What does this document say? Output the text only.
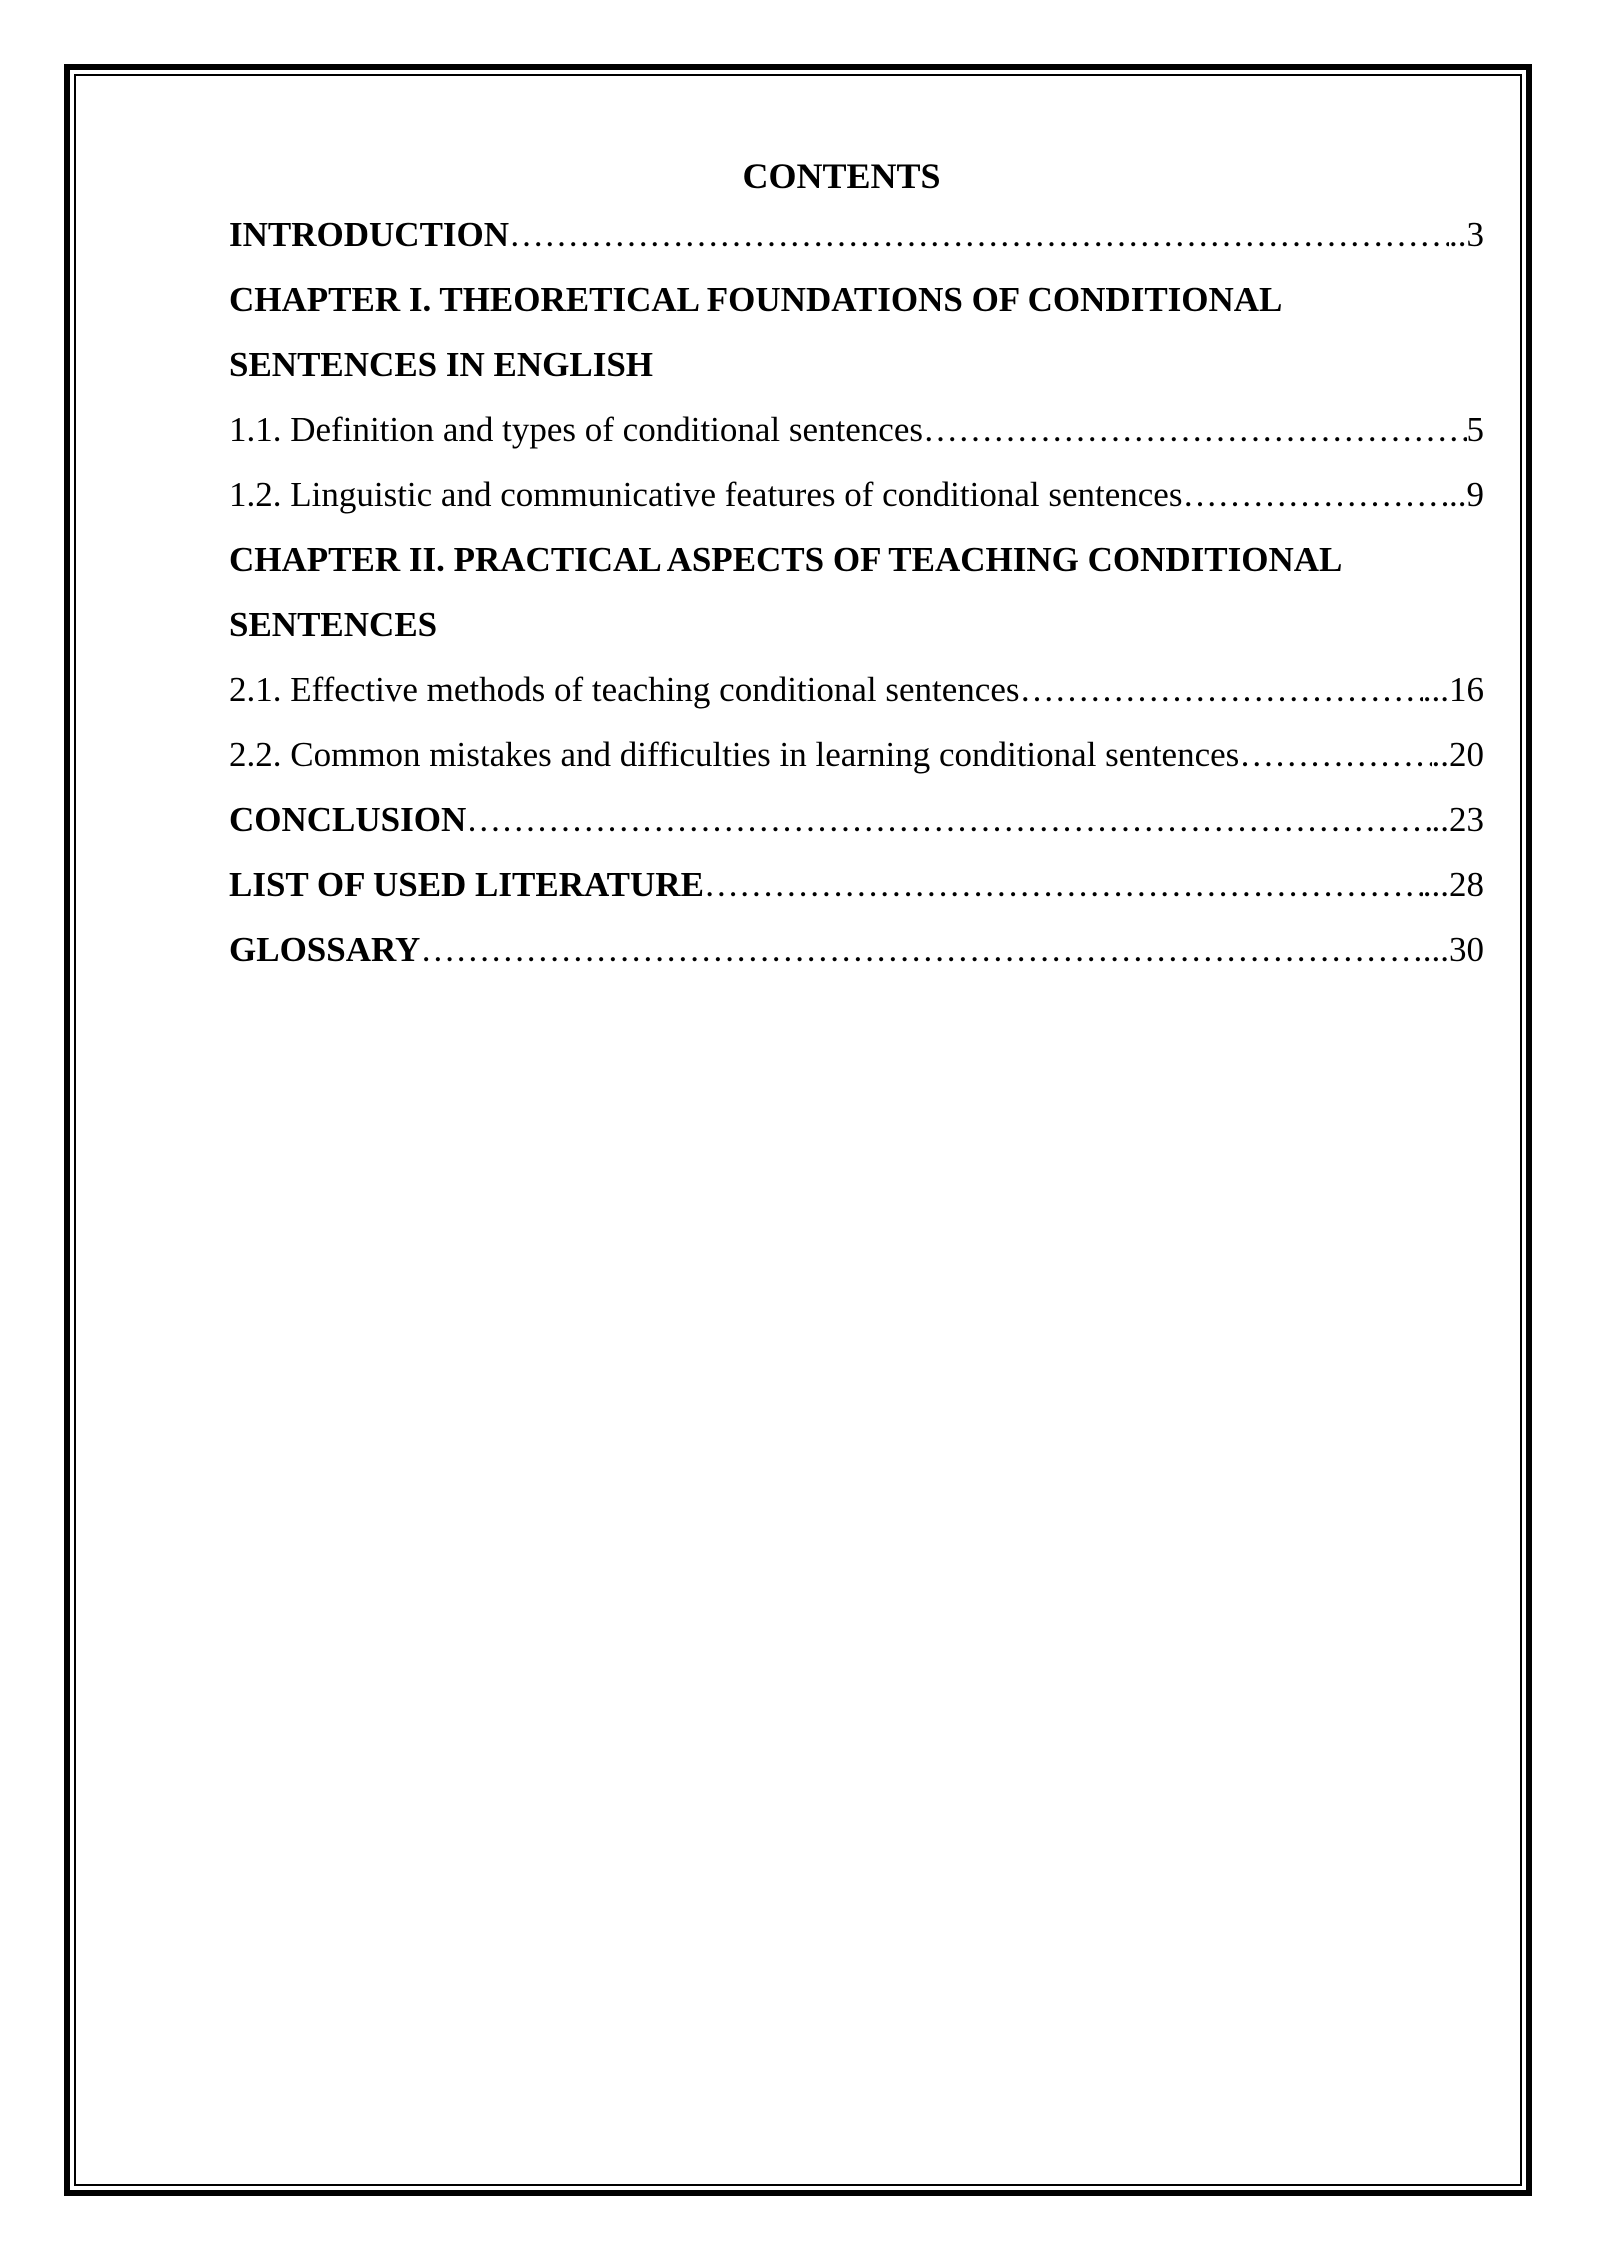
CONTENTS
INTRODUCTION …………………………………………………………………………………………………………………………………………………………………………………………	..3
CHAPTER I. THEORETICAL FOUNDATIONS OF CONDITIONAL
SENTENCES IN ENGLISH
1.1. Definition and types of conditional sentences …………………………………………………………………………………………………………………………………………………………………………………………	5
1.2. Linguistic and communicative features of conditional sentences …………………………………………………………………………………………………………………………………………………………………………………………	..9
CHAPTER II. PRACTICAL ASPECTS OF TEACHING CONDITIONAL
SENTENCES
2.1. Effective methods of teaching conditional sentences …………………………………………………………………………………………………………………………………………………………………………………………	...16
2.2. Common mistakes and difficulties in learning conditional sentences …………………………………………………………………………………………………………………………………………………………………………………………	..20
CONCLUSION …………………………………………………………………………………………………………………………………………………………………………………………	..23
LIST OF USED LITERATURE …………………………………………………………………………………………………………………………………………………………………………………………	...28
GLOSSARY …………………………………………………………………………………………………………………………………………………………………………………………	...30
